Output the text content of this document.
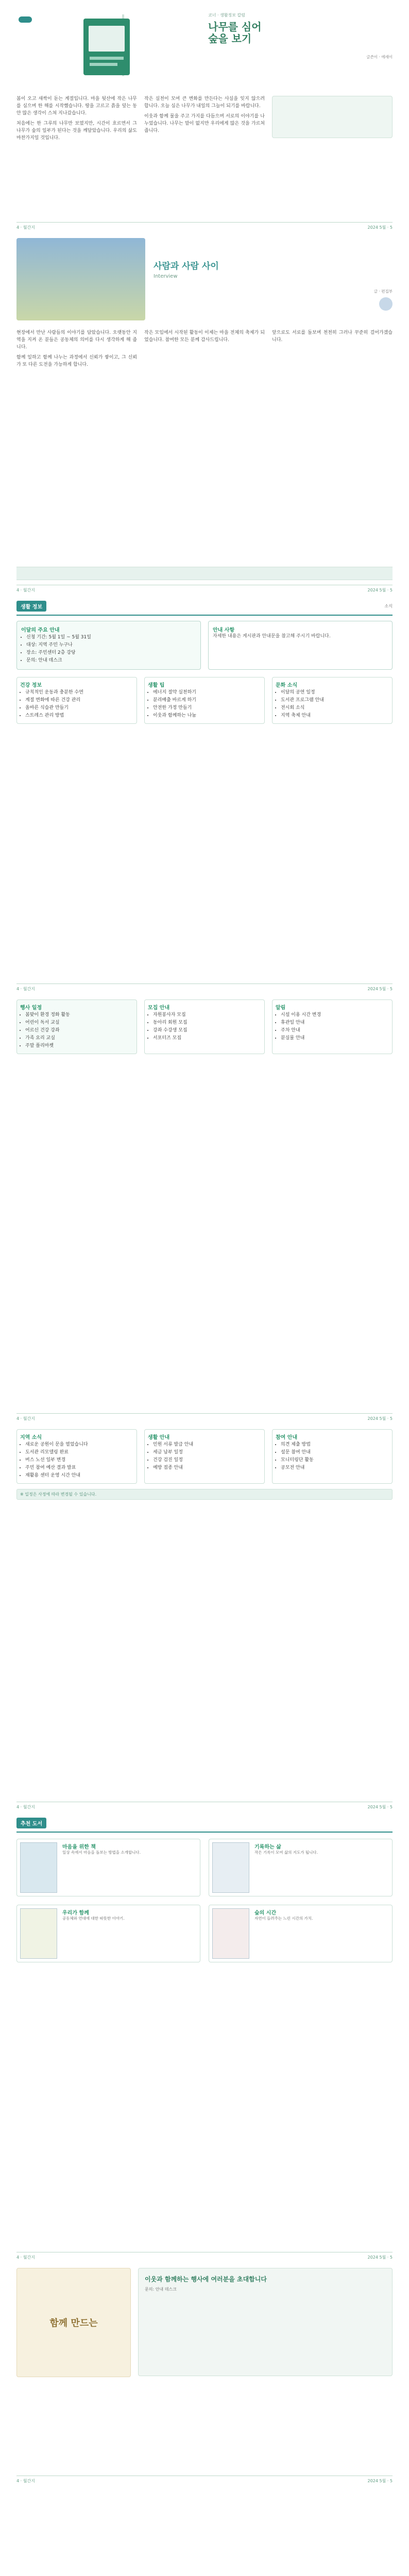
코너 · 생활정보 칼럼
나무를 심어
숲을 보기
글쓴이 · 에세이

봄이 오고 새싹이 돋는 계절입니다. 마을 뒷산에 작은 나무를 심으며 한 해를 시작했습니다. 땅을 고르고 흙을 덮는 동안 많은 생각이 스쳐 지나갔습니다.

처음에는 한 그루의 나무만 보였지만, 시간이 흐르면서 그 나무가 숲의 일부가 된다는 것을 깨달았습니다. 우리의 삶도 마찬가지일 것입니다.

작은 실천이 모여 큰 변화를 만든다는 사실을 잊지 않으려 합니다. 오늘 심은 나무가 내일의 그늘이 되기를 바랍니다.

이웃과 함께 물을 주고 가지를 다듬으며 서로의 이야기를 나누었습니다. 나무는 말이 없지만 우리에게 많은 것을 가르쳐 줍니다.

4 · 월간지	2024 5월 · 5
사람과 사람 사이
Interview
글 · 편집부

현장에서 만난 사람들의 이야기를 담았습니다. 오랫동안 지역을 지켜 온 분들은 공동체의 의미를 다시 생각하게 해 줍니다.

함께 일하고 함께 나누는 과정에서 신뢰가 쌓이고, 그 신뢰가 또 다른 도전을 가능하게 합니다.

작은 모임에서 시작된 활동이 이제는 마을 전체의 축제가 되었습니다. 참여한 모든 분께 감사드립니다.

앞으로도 서로를 돌보며 천천히 그러나 꾸준히 걸어가겠습니다.

4 · 월간지	2024 5월 · 5
생활 정보	소식
이달의 주요 안내
• 신청 기간: 5월 1일 ~ 5월 31일
• 대상: 지역 주민 누구나
• 장소: 주민센터 2층 강당
• 문의: 안내 데스크
안내 사항

자세한 내용은 게시판과 안내문을 참고해 주시기 바랍니다.

건강 정보
• 규칙적인 운동과 충분한 수면
• 계절 변화에 따른 건강 관리
• 올바른 식습관 만들기
• 스트레스 관리 방법
생활 팁
• 에너지 절약 실천하기
• 분리배출 바르게 하기
• 안전한 가정 만들기
• 이웃과 함께하는 나눔
문화 소식
• 이달의 공연 일정
• 도서관 프로그램 안내
• 전시회 소식
• 지역 축제 안내
4 · 월간지	2024 5월 · 5
행사 일정
• 봄맞이 환경 정화 활동
• 어린이 독서 교실
• 어르신 건강 강좌
• 가족 요리 교실
• 주말 플리마켓
모집 안내
• 자원봉사자 모집
• 동아리 회원 모집
• 강좌 수강생 모집
• 서포터즈 모집
알림
• 시설 이용 시간 변경
• 휴관일 안내
• 주차 안내
• 분실물 안내
4 · 월간지	2024 5월 · 5
지역 소식
• 새로운 공원이 문을 열었습니다
• 도서관 리모델링 완료
• 버스 노선 일부 변경
• 주민 참여 예산 결과 발표
• 재활용 센터 운영 시간 안내
생활 안내
• 민원 서류 발급 안내
• 세금 납부 일정
• 건강 검진 일정
• 예방 접종 안내
참여 안내
• 의견 제출 방법
• 설문 참여 안내
• 모니터링단 활동
• 공모전 안내
※ 일정은 사정에 따라 변경될 수 있습니다.
4 · 월간지	2024 5월 · 5
추천 도서
마음을 위한 책
일상 속에서 마음을 돌보는 방법을 소개합니다.
기록하는 삶
작은 기록이 모여 삶의 지도가 됩니다.
우리가 함께
공동체와 연대에 대한 따뜻한 이야기.
숲의 시간
자연이 들려주는 느린 시간의 가치.
4 · 월간지	2024 5월 · 5
함께 만드는
이웃과 함께하는 행사에 여러분을 초대합니다
문의: 안내 데스크
4 · 월간지	2024 5월 · 5
